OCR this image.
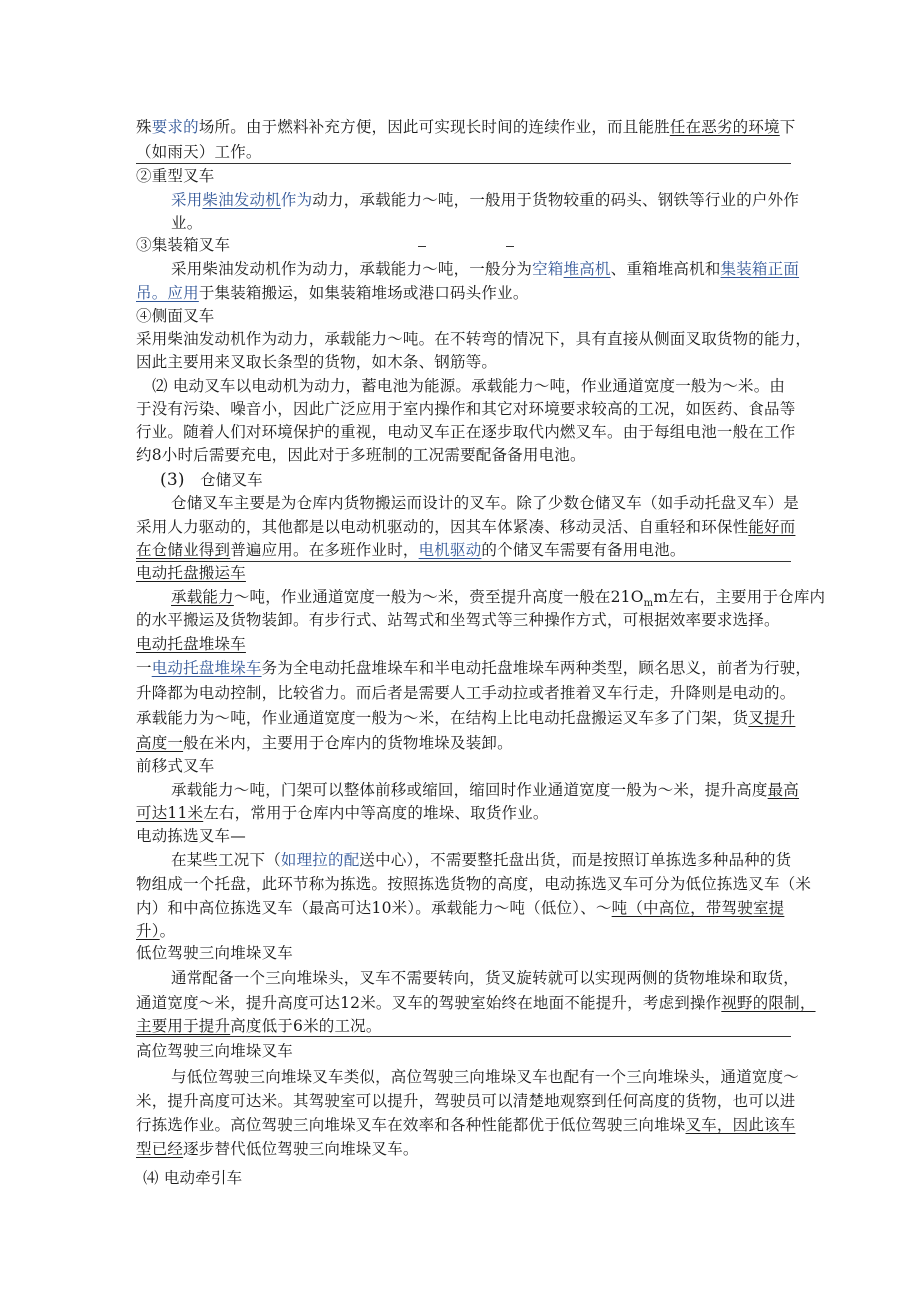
殊要求的场所。由于燃料补充方便，因此可实现长时间的连续作业，而且能胜任在恶劣的环境下
（如雨天）工作。
②重型叉车
采用柴油发动机作为动力，承载能力〜吨，一般用于货物较重的码头、钢铁等行业的户外作
业。
③集装箱叉车
采用柴油发动机作为动力，承载能力〜吨，一般分为空箱堆高机、重箱堆高机和集装箱正面
吊。应用于集装箱搬运，如集装箱堆场或港口码头作业。
④侧面叉车
采用柴油发动机作为动力，承载能力〜吨。在不转弯的情况下，具有直接从侧面叉取货物的能力，
因此主要用来叉取长条型的货物，如木条、钢筋等。
⑵ 电动叉车以电动机为动力，蓄电池为能源。承载能力〜吨，作业通道宽度一般为〜米。由
于没有污染、噪音小，因此广泛应用于室内操作和其它对环境要求较高的工况，如医药、食品等
行业。随着人们对环境保护的重视，电动叉车正在逐步取代内燃叉车。由于每组电池一般在工作
约8小时后需要充电，因此对于多班制的工况需要配备备用电池。
(3) 仓储叉车
仓储叉车主要是为仓库内货物搬运而设计的叉车。除了少数仓储叉车（如手动托盘叉车）是
采用人力驱动的，其他都是以电动机驱动的，因其车体紧凑、移动灵活、自重轻和环保性能好而
在仓储业得到普遍应用。在多班作业时，电机驱动的个储叉车需要有备用电池。
电动托盘搬运车
承载能力〜吨，作业通道宽度一般为〜米，赍至提升高度一般在$21O_mm$左右，主要用于仓库内
的水平搬运及货物装卸。有步行式、站驾式和坐驾式等三种操作方式，可根据效率要求选择。
电动托盘堆垛车
一电动托盘堆垛车务为全电动托盘堆垛车和半电动托盘堆垛车两种类型，顾名思义，前者为行驶，
升降都为电动控制，比较省力。而后者是需要人工手动拉或者推着叉车行走，升降则是电动的。
承载能力为〜吨，作业通道宽度一般为〜米，在结构上比电动托盘搬运叉车多了门架，货叉提升
高度一般在米内，主要用于仓库内的货物堆垛及装卸。
前移式叉车
承载能力〜吨，门架可以整体前移或缩回，缩回时作业通道宽度一般为〜米，提升高度最高
可达11米左右，常用于仓库内中等高度的堆垛、取货作业。
电动拣选叉车—
在某些工况下（如理拉的配送中心），不需要整托盘出货，而是按照订单拣选多种品种的货
物组成一个托盘，此环节称为拣选。按照拣选货物的高度，电动拣选叉车可分为低位拣选叉车（米
内）和中高位拣选叉车（最高可达10米）。承载能力〜吨（低位）、〜吨（中高位，带驾驶室提
升）。
低位驾驶三向堆垛叉车
通常配备一个三向堆垛头，叉车不需要转向，货叉旋转就可以实现两侧的货物堆垛和取货，
通道宽度〜米，提升高度可达12米。叉车的驾驶室始终在地面不能提升，考虑到操作视野的限制，
主要用于提升高度低于6米的工况。
高位驾驶三向堆垛叉车
与低位驾驶三向堆垛叉车类似，高位驾驶三向堆垛叉车也配有一个三向堆垛头，通道宽度〜
米，提升高度可达米。其驾驶室可以提升，驾驶员可以清楚地观察到任何高度的货物，也可以进
行拣选作业。高位驾驶三向堆垛叉车在效率和各种性能都优于低位驾驶三向堆垛叉车，因此该车
型已经逐步替代低位驾驶三向堆垛叉车。
⑷ 电动牵引车
